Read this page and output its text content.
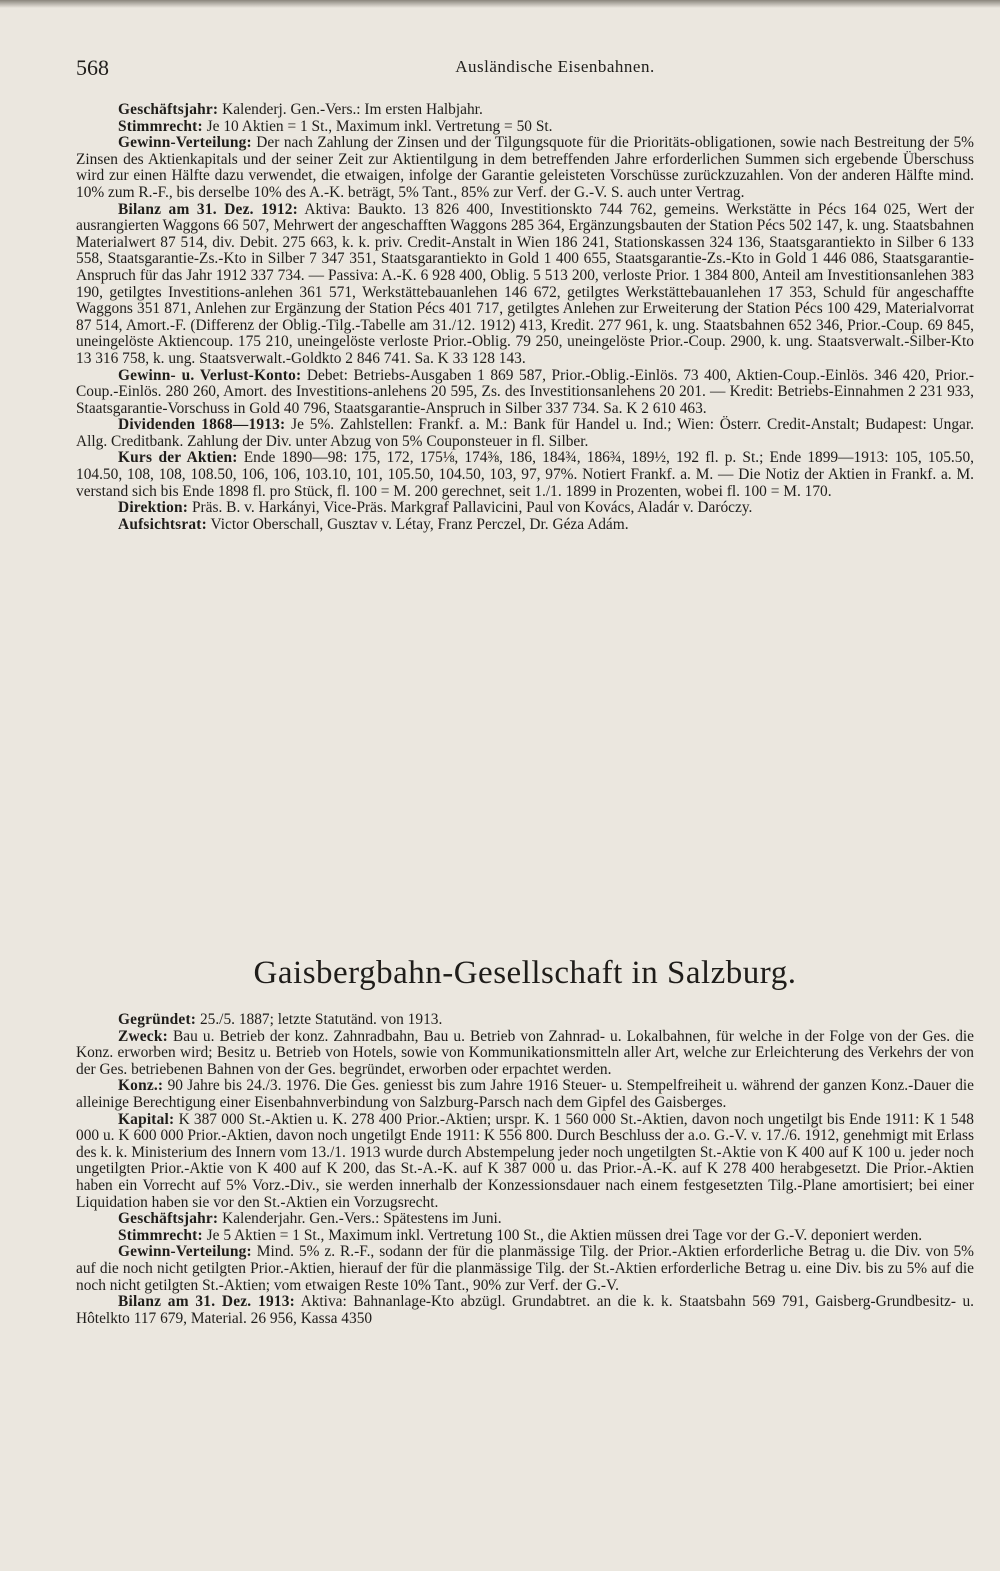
568	Ausländische Eisenbahnen.

Geschäftsjahr: Kalenderj. Gen.-Vers.: Im ersten Halbjahr.

Stimmrecht: Je 10 Aktien = 1 St., Maximum inkl. Vertretung = 50 St.

Gewinn-Verteilung: Der nach Zahlung der Zinsen und der Tilgungsquote für die Prioritäts-obligationen, sowie nach Bestreitung der 5% Zinsen des Aktienkapitals und der seiner Zeit zur Aktientilgung in dem betreffenden Jahre erforderlichen Summen sich ergebende Überschuss wird zur einen Hälfte dazu verwendet, die etwaigen, infolge der Garantie geleisteten Vorschüsse zurückzuzahlen. Von der anderen Hälfte mind. 10% zum R.-F., bis derselbe 10% des A.-K. beträgt, 5% Tant., 85% zur Verf. der G.-V. S. auch unter Vertrag.

Bilanz am 31. Dez. 1912: Aktiva: Baukto. 13 826 400, Investitionskto 744 762, gemeins. Werkstätte in Pécs 164 025, Wert der ausrangierten Waggons 66 507, Mehrwert der angeschafften Waggons 285 364, Ergänzungsbauten der Station Pécs 502 147, k. ung. Staatsbahnen Materialwert 87 514, div. Debit. 275 663, k. k. priv. Credit-Anstalt in Wien 186 241, Stationskassen 324 136, Staatsgarantiekto in Silber 6 133 558, Staatsgarantie-Zs.-Kto in Silber 7 347 351, Staatsgarantiekto in Gold 1 400 655, Staatsgarantie-Zs.-Kto in Gold 1 446 086, Staatsgarantie-Anspruch für das Jahr 1912 337 734. — Passiva: A.-K. 6 928 400, Oblig. 5 513 200, verloste Prior. 1 384 800, Anteil am Investitionsanlehen 383 190, getilgtes Investitions-anlehen 361 571, Werkstättebauanlehen 146 672, getilgtes Werkstättebauanlehen 17 353, Schuld für angeschaffte Waggons 351 871, Anlehen zur Ergänzung der Station Pécs 401 717, getilgtes Anlehen zur Erweiterung der Station Pécs 100 429, Materialvorrat 87 514, Amort.-F. (Differenz der Oblig.-Tilg.-Tabelle am 31./12. 1912) 413, Kredit. 277 961, k. ung. Staatsbahnen 652 346, Prior.-Coup. 69 845, uneingelöste Aktiencoup. 175 210, uneingelöste verloste Prior.-Oblig. 79 250, uneingelöste Prior.-Coup. 2900, k. ung. Staatsverwalt.-Silber-Kto 13 316 758, k. ung. Staatsverwalt.-Goldkto 2 846 741. Sa. K 33 128 143.

Gewinn- u. Verlust-Konto: Debet: Betriebs-Ausgaben 1 869 587, Prior.-Oblig.-Einlös. 73 400, Aktien-Coup.-Einlös. 346 420, Prior.-Coup.-Einlös. 280 260, Amort. des Investitions-anlehens 20 595, Zs. des Investitionsanlehens 20 201. — Kredit: Betriebs-Einnahmen 2 231 933, Staatsgarantie-Vorschuss in Gold 40 796, Staatsgarantie-Anspruch in Silber 337 734. Sa. K 2 610 463.

Dividenden 1868—1913: Je 5%. Zahlstellen: Frankf. a. M.: Bank für Handel u. Ind.; Wien: Österr. Credit-Anstalt; Budapest: Ungar. Allg. Creditbank. Zahlung der Div. unter Abzug von 5% Couponsteuer in fl. Silber.

Kurs der Aktien: Ende 1890—98: 175, 172, 175⅛, 174⅜, 186, 184¾, 186¾, 189½, 192 fl. p. St.; Ende 1899—1913: 105, 105.50, 104.50, 108, 108, 108.50, 106, 106, 103.10, 101, 105.50, 104.50, 103, 97, 97%. Notiert Frankf. a. M. — Die Notiz der Aktien in Frankf. a. M. verstand sich bis Ende 1898 fl. pro Stück, fl. 100 = M. 200 gerechnet, seit 1./1. 1899 in Prozenten, wobei fl. 100 = M. 170.

Direktion: Präs. B. v. Harkányi, Vice-Präs. Markgraf Pallavicini, Paul von Kovács, Aladár v. Daróczy.

Aufsichtsrat: Victor Oberschall, Gusztav v. Létay, Franz Perczel, Dr. Géza Adám.

Gaisbergbahn-Gesellschaft in Salzburg.

Gegründet: 25./5. 1887; letzte Statutänd. von 1913.

Zweck: Bau u. Betrieb der konz. Zahnradbahn, Bau u. Betrieb von Zahnrad- u. Lokalbahnen, für welche in der Folge von der Ges. die Konz. erworben wird; Besitz u. Betrieb von Hotels, sowie von Kommunikationsmitteln aller Art, welche zur Erleichterung des Verkehrs der von der Ges. betriebenen Bahnen von der Ges. begründet, erworben oder erpachtet werden.

Konz.: 90 Jahre bis 24./3. 1976. Die Ges. geniesst bis zum Jahre 1916 Steuer- u. Stempelfreiheit u. während der ganzen Konz.-Dauer die alleinige Berechtigung einer Eisenbahnverbindung von Salzburg-Parsch nach dem Gipfel des Gaisberges.

Kapital: K 387 000 St.-Aktien u. K. 278 400 Prior.-Aktien; urspr. K. 1 560 000 St.-Aktien, davon noch ungetilgt bis Ende 1911: K 1 548 000 u. K 600 000 Prior.-Aktien, davon noch ungetilgt Ende 1911: K 556 800. Durch Beschluss der a.o. G.-V. v. 17./6. 1912, genehmigt mit Erlass des k. k. Ministerium des Innern vom 13./1. 1913 wurde durch Abstempelung jeder noch ungetilgten St.-Aktie von K 400 auf K 100 u. jeder noch ungetilgten Prior.-Aktie von K 400 auf K 200, das St.-A.-K. auf K 387 000 u. das Prior.-A.-K. auf K 278 400 herabgesetzt. Die Prior.-Aktien haben ein Vorrecht auf 5% Vorz.-Div., sie werden innerhalb der Konzessionsdauer nach einem festgesetzten Tilg.-Plane amortisiert; bei einer Liquidation haben sie vor den St.-Aktien ein Vorzugsrecht.

Geschäftsjahr: Kalenderjahr. Gen.-Vers.: Spätestens im Juni.

Stimmrecht: Je 5 Aktien = 1 St., Maximum inkl. Vertretung 100 St., die Aktien müssen drei Tage vor der G.-V. deponiert werden.

Gewinn-Verteilung: Mind. 5% z. R.-F., sodann der für die planmässige Tilg. der Prior.-Aktien erforderliche Betrag u. die Div. von 5% auf die noch nicht getilgten Prior.-Aktien, hierauf der für die planmässige Tilg. der St.-Aktien erforderliche Betrag u. eine Div. bis zu 5% auf die noch nicht getilgten St.-Aktien; vom etwaigen Reste 10% Tant., 90% zur Verf. der G.-V.

Bilanz am 31. Dez. 1913: Aktiva: Bahnanlage-Kto abzügl. Grundabtret. an die k. k. Staatsbahn 569 791, Gaisberg-Grundbesitz- u. Hôtelkto 117 679, Material. 26 956, Kassa 4350
